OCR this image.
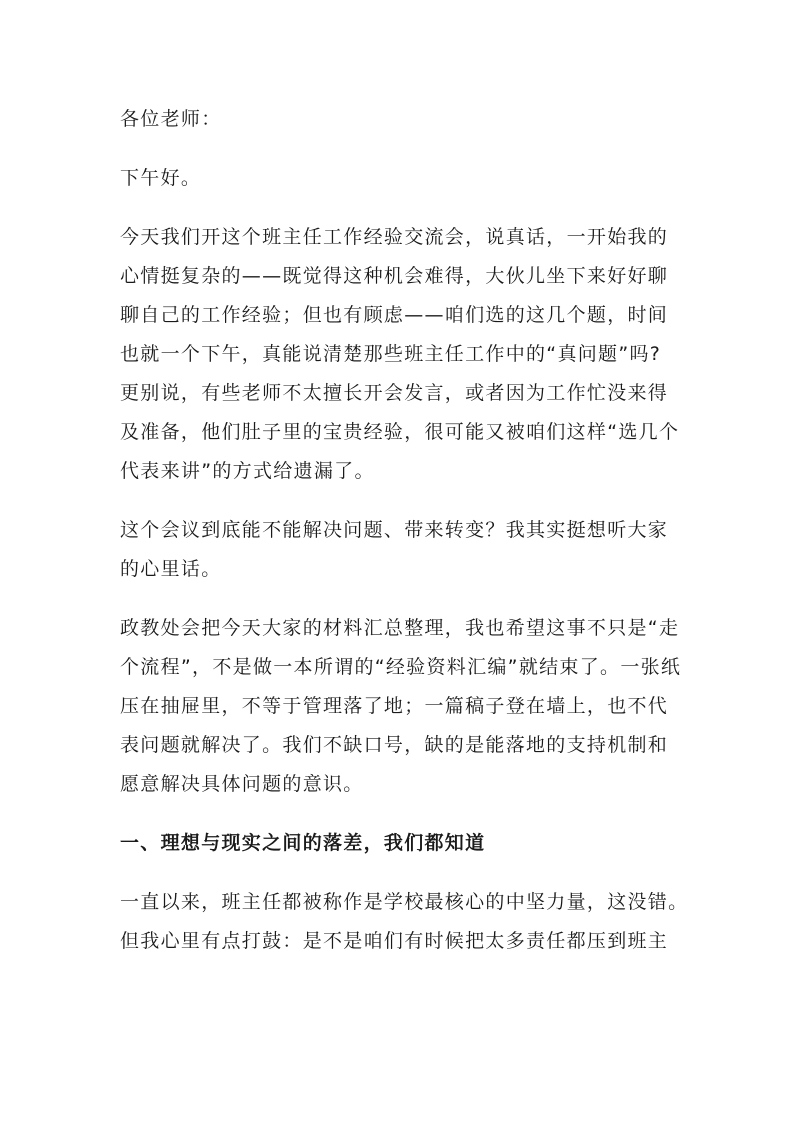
各位老师：

下午好。

今天我们开这个班主任工作经验交流会，说真话，一开始我的
心情挺复杂的——既觉得这种机会难得，大伙儿坐下来好好聊
聊自己的工作经验；但也有顾虑——咱们选的这几个题，时间
也就一个下午，真能说清楚那些班主任工作中的“真问题”吗?
更别说，有些老师不太擅长开会发言，或者因为工作忙没来得
及准备，他们肚子里的宝贵经验，很可能又被咱们这样“选几个
代表来讲”的方式给遗漏了。

这个会议到底能不能解决问题、带来转变？我其实挺想听大家
的心里话。

政教处会把今天大家的材料汇总整理，我也希望这事不只是“走
个流程”，不是做一本所谓的“经验资料汇编”就结束了。一张纸
压在抽屉里，不等于管理落了地；一篇稿子登在墙上，也不代
表问题就解决了。我们不缺口号，缺的是能落地的支持机制和
愿意解决具体问题的意识。

一、理想与现实之间的落差，我们都知道

一直以来，班主任都被称作是学校最核心的中坚力量，这没错。
但我心里有点打鼓：是不是咱们有时候把太多责任都压到班主
